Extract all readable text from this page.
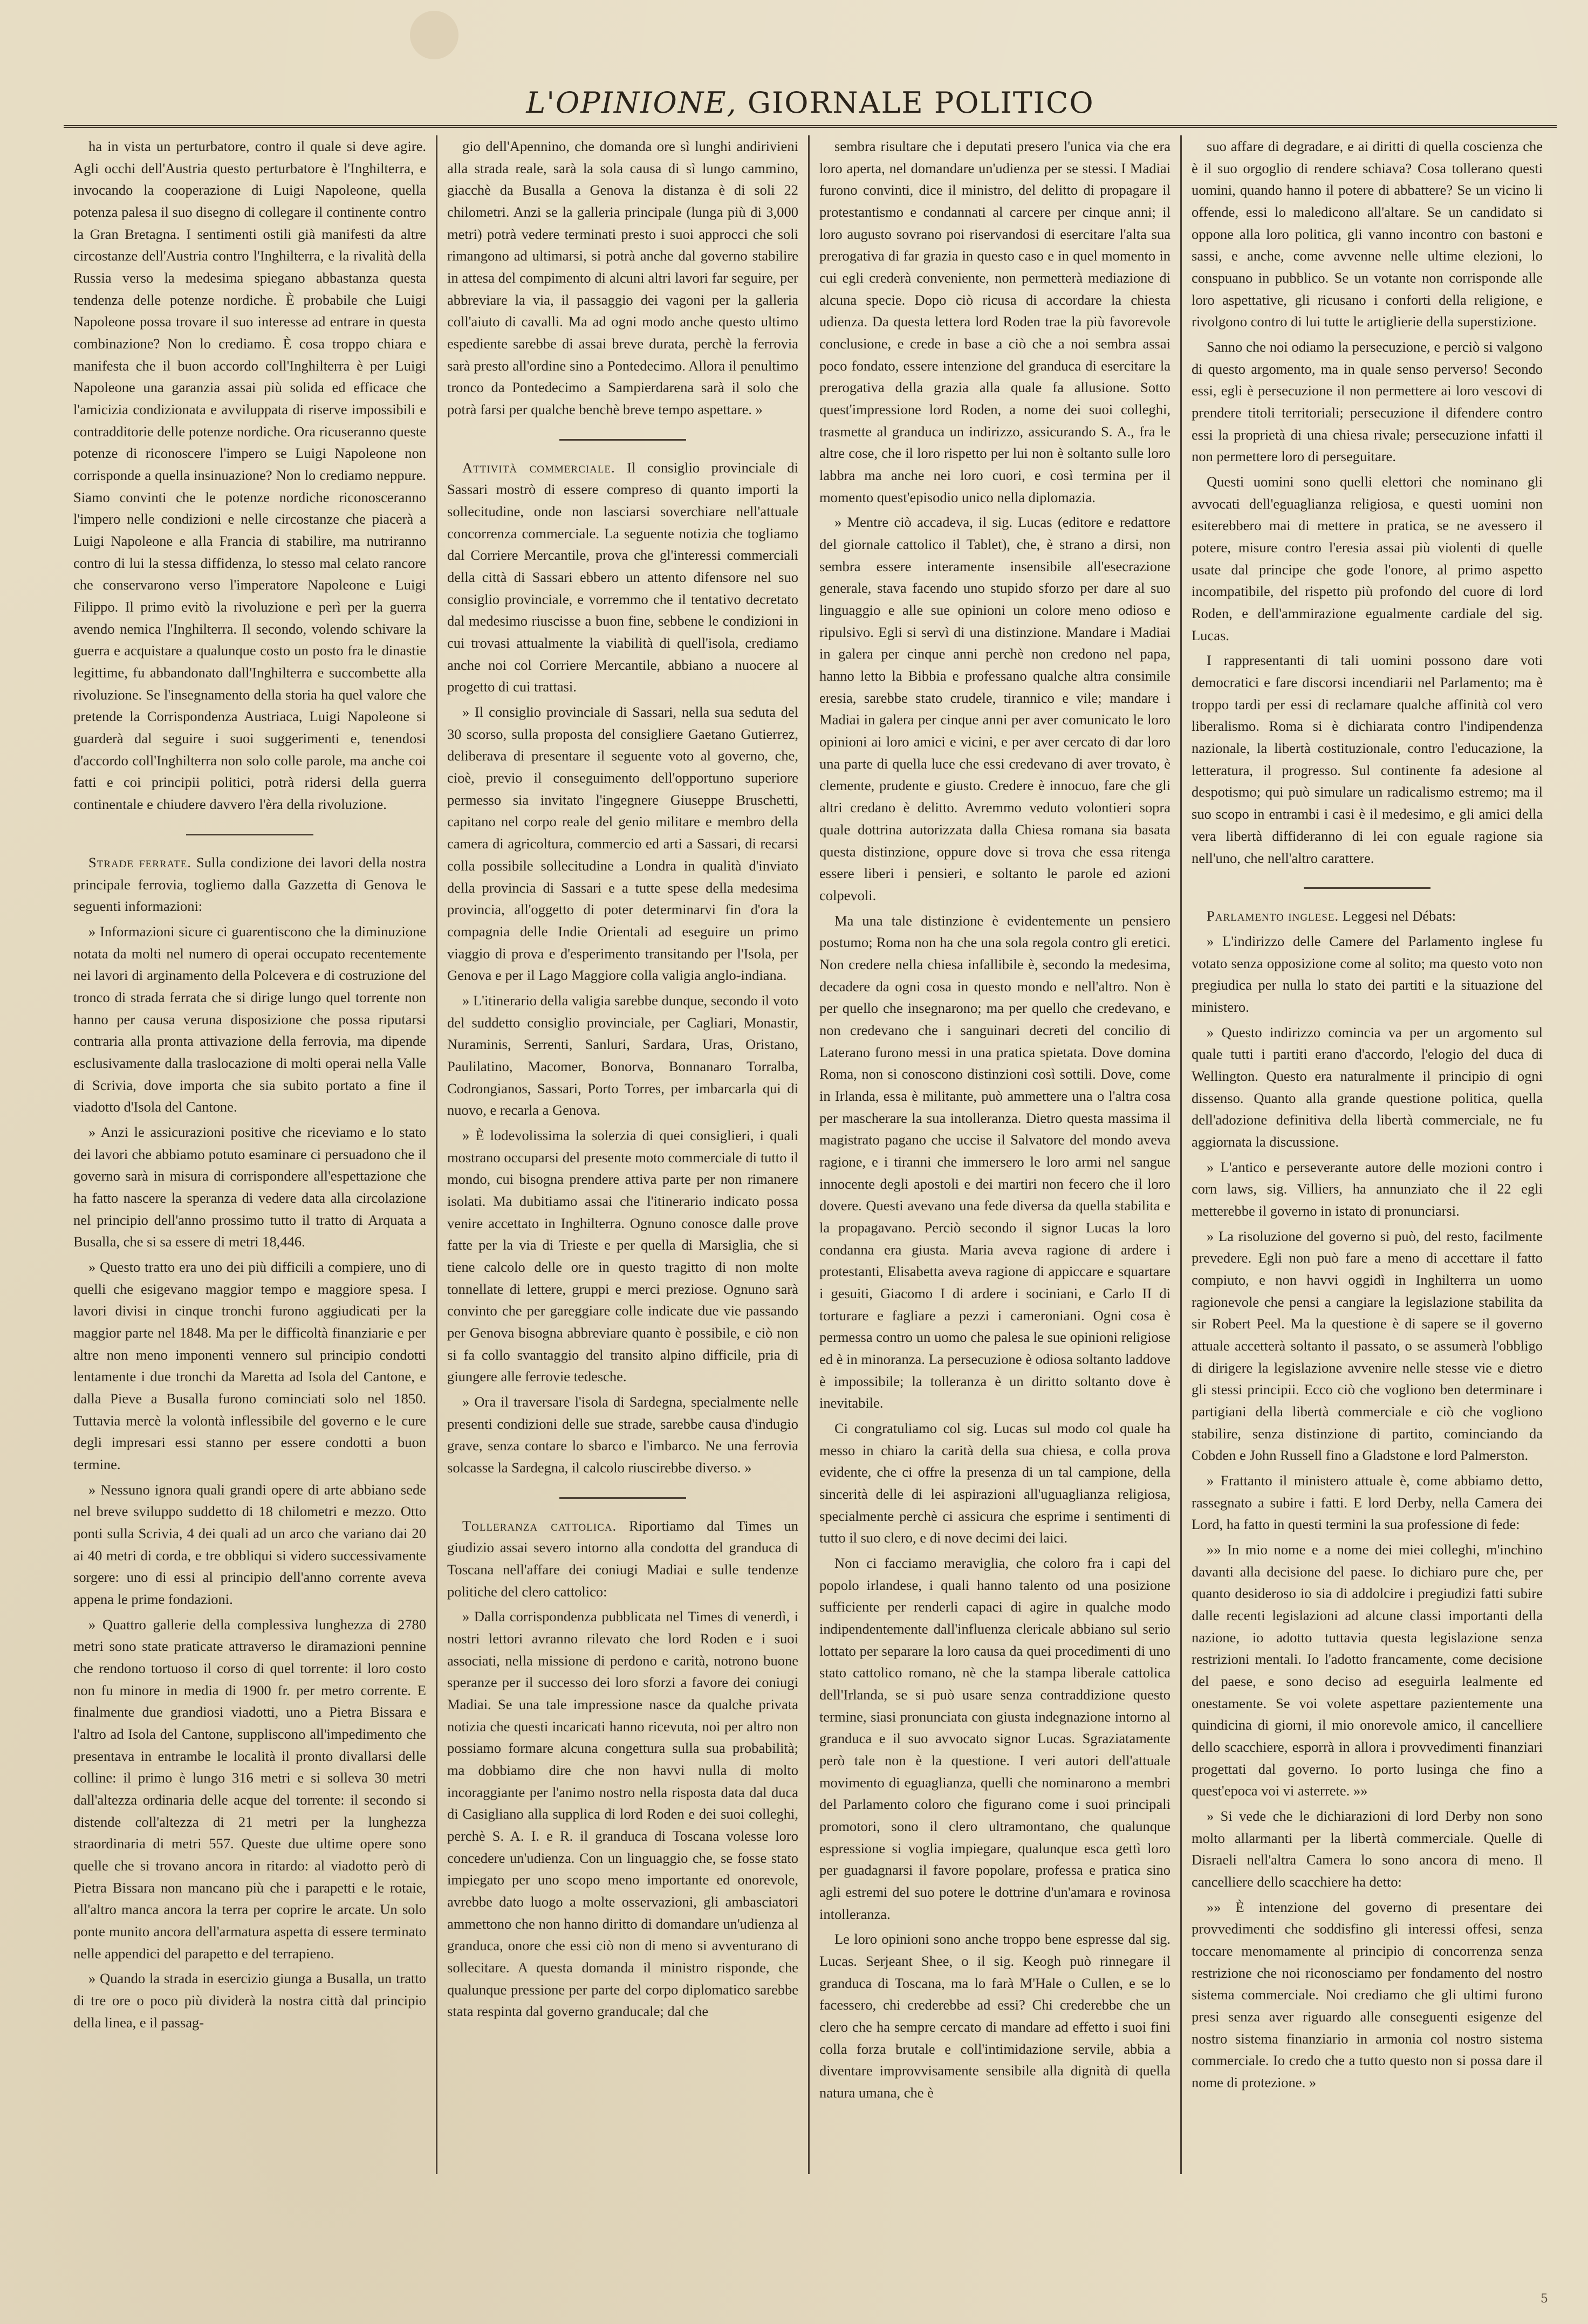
L'OPINIONE, GIORNALE POLITICO

ha in vista un perturbatore, contro il quale si deve agire. Agli occhi dell'Austria questo perturbatore è l'Inghilterra, e invocando la cooperazione di Luigi Napoleone, quella potenza palesa il suo disegno di collegare il continente contro la Gran Bretagna. I sentimenti ostili già manifesti da altre circostanze dell'Austria contro l'Inghilterra, e la rivalità della Russia verso la medesima spiegano abbastanza questa tendenza delle potenze nordiche. È probabile che Luigi Napoleone possa trovare il suo interesse ad entrare in questa combinazione? Non lo crediamo. È cosa troppo chiara e manifesta che il buon accordo coll'Inghilterra è per Luigi Napoleone una garanzia assai più solida ed efficace che l'amicizia condizionata e avviluppata di riserve impossibili e contradditorie delle potenze nordiche. Ora ricuseranno queste potenze di riconoscere l'impero se Luigi Napoleone non corrisponde a quella insinuazione? Non lo crediamo neppure. Siamo convinti che le potenze nordiche riconosceranno l'impero nelle condizioni e nelle circostanze che piacerà a Luigi Napoleone e alla Francia di stabilire, ma nutriranno contro di lui la stessa diffidenza, lo stesso mal celato rancore che conservarono verso l'imperatore Napoleone e Luigi Filippo. Il primo evitò la rivoluzione e perì per la guerra avendo nemica l'Inghilterra. Il secondo, volendo schivare la guerra e acquistare a qualunque costo un posto fra le dinastie legittime, fu abbandonato dall'Inghilterra e succombette alla rivoluzione. Se l'insegnamento della storia ha quel valore che pretende la Corrispondenza Austriaca, Luigi Napoleone si guarderà dal seguire i suoi suggerimenti e, tenendosi d'accordo coll'Inghilterra non solo colle parole, ma anche coi fatti e coi principii politici, potrà ridersi della guerra continentale e chiudere davvero l'èra della rivoluzione.

Strade ferrate. Sulla condizione dei lavori della nostra principale ferrovia, togliemo dalla Gazzetta di Genova le seguenti informazioni:

» Informazioni sicure ci guarentiscono che la diminuzione notata da molti nel numero di operai occupato recentemente nei lavori di arginamento della Polcevera e di costruzione del tronco di strada ferrata che si dirige lungo quel torrente non hanno per causa veruna disposizione che possa riputarsi contraria alla pronta attivazione della ferrovia, ma dipende esclusivamente dalla traslocazione di molti operai nella Valle di Scrivia, dove importa che sia subito portato a fine il viadotto d'Isola del Cantone.

» Anzi le assicurazioni positive che riceviamo e lo stato dei lavori che abbiamo potuto esaminare ci persuadono che il governo sarà in misura di corrispondere all'espettazione che ha fatto nascere la speranza di vedere data alla circolazione nel principio dell'anno prossimo tutto il tratto di Arquata a Busalla, che si sa essere di metri 18,446.

» Questo tratto era uno dei più difficili a compiere, uno di quelli che esigevano maggior tempo e maggiore spesa. I lavori divisi in cinque tronchi furono aggiudicati per la maggior parte nel 1848. Ma per le difficoltà finanziarie e per altre non meno imponenti vennero sul principio condotti lentamente i due tronchi da Maretta ad Isola del Cantone, e dalla Pieve a Busalla furono cominciati solo nel 1850. Tuttavia mercè la volontà inflessibile del governo e le cure degli impresari essi stanno per essere condotti a buon termine.

» Nessuno ignora quali grandi opere di arte abbiano sede nel breve sviluppo suddetto di 18 chilometri e mezzo. Otto ponti sulla Scrivia, 4 dei quali ad un arco che variano dai 20 ai 40 metri di corda, e tre obbliqui si videro successivamente sorgere: uno di essi al principio dell'anno corrente aveva appena le prime fondazioni.

» Quattro gallerie della complessiva lunghezza di 2780 metri sono state praticate attraverso le diramazioni pennine che rendono tortuoso il corso di quel torrente: il loro costo non fu minore in media di 1900 fr. per metro corrente. E finalmente due grandiosi viadotti, uno a Pietra Bissara e l'altro ad Isola del Cantone, suppliscono all'impedimento che presentava in entrambe le località il pronto divallarsi delle colline: il primo è lungo 316 metri e si solleva 30 metri dall'altezza ordinaria delle acque del torrente: il secondo si distende coll'altezza di 21 metri per la lunghezza straordinaria di metri 557. Queste due ultime opere sono quelle che si trovano ancora in ritardo: al viadotto però di Pietra Bissara non mancano più che i parapetti e le rotaie, all'altro manca ancora la terra per coprire le arcate. Un solo ponte munito ancora dell'armatura aspetta di essere terminato nelle appendici del parapetto e del terrapieno.

» Quando la strada in esercizio giunga a Busalla, un tratto di tre ore o poco più dividerà la nostra città dal principio della linea, e il passag-

gio dell'Apennino, che domanda ore sì lunghi andirivieni alla strada reale, sarà la sola causa di sì lungo cammino, giacchè da Busalla a Genova la distanza è di soli 22 chilometri. Anzi se la galleria principale (lunga più di 3,000 metri) potrà vedere terminati presto i suoi approcci che soli rimangono ad ultimarsi, si potrà anche dal governo stabilire in attesa del compimento di alcuni altri lavori far seguire, per abbreviare la via, il passaggio dei vagoni per la galleria coll'aiuto di cavalli. Ma ad ogni modo anche questo ultimo espediente sarebbe di assai breve durata, perchè la ferrovia sarà presto all'ordine sino a Pontedecimo. Allora il penultimo tronco da Pontedecimo a Sampierdarena sarà il solo che potrà farsi per qualche benchè breve tempo aspettare. »

Attività commerciale. Il consiglio provinciale di Sassari mostrò di essere compreso di quanto importi la sollecitudine, onde non lasciarsi soverchiare nell'attuale concorrenza commerciale. La seguente notizia che togliamo dal Corriere Mercantile, prova che gl'interessi commerciali della città di Sassari ebbero un attento difensore nel suo consiglio provinciale, e vorremmo che il tentativo decretato dal medesimo riuscisse a buon fine, sebbene le condizioni in cui trovasi attualmente la viabilità di quell'isola, crediamo anche noi col Corriere Mercantile, abbiano a nuocere al progetto di cui trattasi.

» Il consiglio provinciale di Sassari, nella sua seduta del 30 scorso, sulla proposta del consigliere Gaetano Gutierrez, deliberava di presentare il seguente voto al governo, che, cioè, previo il conseguimento dell'opportuno superiore permesso sia invitato l'ingegnere Giuseppe Bruschetti, capitano nel corpo reale del genio militare e membro della camera di agricoltura, commercio ed arti a Sassari, di recarsi colla possibile sollecitudine a Londra in qualità d'inviato della provincia di Sassari e a tutte spese della medesima provincia, all'oggetto di poter determinarvi fin d'ora la compagnia delle Indie Orientali ad eseguire un primo viaggio di prova e d'esperimento transitando per l'Isola, per Genova e per il Lago Maggiore colla valigia anglo-indiana.

» L'itinerario della valigia sarebbe dunque, secondo il voto del suddetto consiglio provinciale, per Cagliari, Monastir, Nuraminis, Serrenti, Sanluri, Sardara, Uras, Oristano, Paulilatino, Macomer, Bonorva, Bonnanaro Torralba, Codrongianos, Sassari, Porto Torres, per imbarcarla qui di nuovo, e recarla a Genova.

» È lodevolissima la solerzia di quei consiglieri, i quali mostrano occuparsi del presente moto commerciale di tutto il mondo, cui bisogna prendere attiva parte per non rimanere isolati. Ma dubitiamo assai che l'itinerario indicato possa venire accettato in Inghilterra. Ognuno conosce dalle prove fatte per la via di Trieste e per quella di Marsiglia, che si tiene calcolo delle ore in questo tragitto di non molte tonnellate di lettere, gruppi e merci preziose. Ognuno sarà convinto che per gareggiare colle indicate due vie passando per Genova bisogna abbreviare quanto è possibile, e ciò non si fa collo svantaggio del transito alpino difficile, pria di giungere alle ferrovie tedesche.

» Ora il traversare l'isola di Sardegna, specialmente nelle presenti condizioni delle sue strade, sarebbe causa d'indugio grave, senza contare lo sbarco e l'imbarco. Ne una ferrovia solcasse la Sardegna, il calcolo riuscirebbe diverso. »

Tolleranza cattolica. Riportiamo dal Times un giudizio assai severo intorno alla condotta del granduca di Toscana nell'affare dei coniugi Madiai e sulle tendenze politiche del clero cattolico:

» Dalla corrispondenza pubblicata nel Times di venerdì, i nostri lettori avranno rilevato che lord Roden e i suoi associati, nella missione di perdono e carità, notrono buone speranze per il successo dei loro sforzi a favore dei coniugi Madiai. Se una tale impressione nasce da qualche privata notizia che questi incaricati hanno ricevuta, noi per altro non possiamo formare alcuna congettura sulla sua probabilità; ma dobbiamo dire che non havvi nulla di molto incoraggiante per l'animo nostro nella risposta data dal duca di Casigliano alla supplica di lord Roden e dei suoi colleghi, perchè S. A. I. e R. il granduca di Toscana volesse loro concedere un'udienza. Con un linguaggio che, se fosse stato impiegato per uno scopo meno importante ed onorevole, avrebbe dato luogo a molte osservazioni, gli ambasciatori ammettono che non hanno diritto di domandare un'udienza al granduca, onore che essi ciò non di meno si avventurano di sollecitare. A questa domanda il ministro risponde, che qualunque pressione per parte del corpo diplomatico sarebbe stata respinta dal governo granducale; dal che

sembra risultare che i deputati presero l'unica via che era loro aperta, nel domandare un'udienza per se stessi. I Madiai furono convinti, dice il ministro, del delitto di propagare il protestantismo e condannati al carcere per cinque anni; il loro augusto sovrano poi riservandosi di esercitare l'alta sua prerogativa di far grazia in questo caso e in quel momento in cui egli crederà conveniente, non permetterà mediazione di alcuna specie. Dopo ciò ricusa di accordare la chiesta udienza. Da questa lettera lord Roden trae la più favorevole conclusione, e crede in base a ciò che a noi sembra assai poco fondato, essere intenzione del granduca di esercitare la prerogativa della grazia alla quale fa allusione. Sotto quest'impressione lord Roden, a nome dei suoi colleghi, trasmette al granduca un indirizzo, assicurando S. A., fra le altre cose, che il loro rispetto per lui non è soltanto sulle loro labbra ma anche nei loro cuori, e così termina per il momento quest'episodio unico nella diplomazia.

» Mentre ciò accadeva, il sig. Lucas (editore e redattore del giornale cattolico il Tablet), che, è strano a dirsi, non sembra essere interamente insensibile all'esecrazione generale, stava facendo uno stupido sforzo per dare al suo linguaggio e alle sue opinioni un colore meno odioso e ripulsivo. Egli si servì di una distinzione. Mandare i Madiai in galera per cinque anni perchè non credono nel papa, hanno letto la Bibbia e professano qualche altra consimile eresia, sarebbe stato crudele, tirannico e vile; mandare i Madiai in galera per cinque anni per aver comunicato le loro opinioni ai loro amici e vicini, e per aver cercato di dar loro una parte di quella luce che essi credevano di aver trovato, è clemente, prudente e giusto. Credere è innocuo, fare che gli altri credano è delitto. Avremmo veduto volontieri sopra quale dottrina autorizzata dalla Chiesa romana sia basata questa distinzione, oppure dove si trova che essa ritenga essere liberi i pensieri, e soltanto le parole ed azioni colpevoli.

Ma una tale distinzione è evidentemente un pensiero postumo; Roma non ha che una sola regola contro gli eretici. Non credere nella chiesa infallibile è, secondo la medesima, decadere da ogni cosa in questo mondo e nell'altro. Non è per quello che insegnarono; ma per quello che credevano, e non credevano che i sanguinari decreti del concilio di Laterano furono messi in una pratica spietata. Dove domina Roma, non si conoscono distinzioni così sottili. Dove, come in Irlanda, essa è militante, può ammettere una o l'altra cosa per mascherare la sua intolleranza. Dietro questa massima il magistrato pagano che uccise il Salvatore del mondo aveva ragione, e i tiranni che immersero le loro armi nel sangue innocente degli apostoli e dei martiri non fecero che il loro dovere. Questi avevano una fede diversa da quella stabilita e la propagavano. Perciò secondo il signor Lucas la loro condanna era giusta. Maria aveva ragione di ardere i protestanti, Elisabetta aveva ragione di appiccare e squartare i gesuiti, Giacomo I di ardere i sociniani, e Carlo II di torturare e fagliare a pezzi i cameroniani. Ogni cosa è permessa contro un uomo che palesa le sue opinioni religiose ed è in minoranza. La persecuzione è odiosa soltanto laddove è impossibile; la tolleranza è un diritto soltanto dove è inevitabile.

Ci congratuliamo col sig. Lucas sul modo col quale ha messo in chiaro la carità della sua chiesa, e colla prova evidente, che ci offre la presenza di un tal campione, della sincerità delle di lei aspirazioni all'uguaglianza religiosa, specialmente perchè ci assicura che esprime i sentimenti di tutto il suo clero, e di nove decimi dei laici.

Non ci facciamo meraviglia, che coloro fra i capi del popolo irlandese, i quali hanno talento od una posizione sufficiente per renderli capaci di agire in qualche modo indipendentemente dall'influenza clericale abbiano sul serio lottato per separare la loro causa da quei procedimenti di uno stato cattolico romano, nè che la stampa liberale cattolica dell'Irlanda, se si può usare senza contraddizione questo termine, siasi pronunciata con giusta indegnazione intorno al granduca e il suo avvocato signor Lucas. Sgraziatamente però tale non è la questione. I veri autori dell'attuale movimento di eguaglianza, quelli che nominarono a membri del Parlamento coloro che figurano come i suoi principali promotori, sono il clero ultramontano, che qualunque espressione si voglia impiegare, qualunque esca gettì loro per guadagnarsi il favore popolare, professa e pratica sino agli estremi del suo potere le dottrine d'un'amara e rovinosa intolleranza.

Le loro opinioni sono anche troppo bene espresse dal sig. Lucas. Serjeant Shee, o il sig. Keogh può rinnegare il granduca di Toscana, ma lo farà M'Hale o Cullen, e se lo facessero, chi crederebbe ad essi? Chi crederebbe che un clero che ha sempre cercato di mandare ad effetto i suoi fini colla forza brutale e coll'intimidazione servile, abbia a diventare improvvisamente sensibile alla dignità di quella natura umana, che è

suo affare di degradare, e ai diritti di quella coscienza che è il suo orgoglio di rendere schiava? Cosa tollerano questi uomini, quando hanno il potere di abbattere? Se un vicino li offende, essi lo maledicono all'altare. Se un candidato si oppone alla loro politica, gli vanno incontro con bastoni e sassi, e anche, come avvenne nelle ultime elezioni, lo conspuano in pubblico. Se un votante non corrisponde alle loro aspettative, gli ricusano i conforti della religione, e rivolgono contro di lui tutte le artiglierie della superstizione.

Sanno che noi odiamo la persecuzione, e perciò si valgono di questo argomento, ma in quale senso perverso! Secondo essi, egli è persecuzione il non permettere ai loro vescovi di prendere titoli territoriali; persecuzione il difendere contro essi la proprietà di una chiesa rivale; persecuzione infatti il non permettere loro di perseguitare.

Questi uomini sono quelli elettori che nominano gli avvocati dell'eguaglianza religiosa, e questi uomini non esiterebbero mai di mettere in pratica, se ne avessero il potere, misure contro l'eresia assai più violenti di quelle usate dal principe che gode l'onore, al primo aspetto incompatibile, del rispetto più profondo del cuore di lord Roden, e dell'ammirazione egualmente cardiale del sig. Lucas.

I rappresentanti di tali uomini possono dare voti democratici e fare discorsi incendiarii nel Parlamento; ma è troppo tardi per essi di reclamare qualche affinità col vero liberalismo. Roma si è dichiarata contro l'indipendenza nazionale, la libertà costituzionale, contro l'educazione, la letteratura, il progresso. Sul continente fa adesione al despotismo; qui può simulare un radicalismo estremo; ma il suo scopo in entrambi i casi è il medesimo, e gli amici della vera libertà diffideranno di lei con eguale ragione sia nell'uno, che nell'altro carattere.

Parlamento inglese. Leggesi nel Débats:

» L'indirizzo delle Camere del Parlamento inglese fu votato senza opposizione come al solito; ma questo voto non pregiudica per nulla lo stato dei partiti e la situazione del ministero.

» Questo indirizzo comincia va per un argomento sul quale tutti i partiti erano d'accordo, l'elogio del duca di Wellington. Questo era naturalmente il principio di ogni dissenso. Quanto alla grande questione politica, quella dell'adozione definitiva della libertà commerciale, ne fu aggiornata la discussione.

» L'antico e perseverante autore delle mozioni contro i corn laws, sig. Villiers, ha annunziato che il 22 egli metterebbe il governo in istato di pronunciarsi.

» La risoluzione del governo si può, del resto, facilmente prevedere. Egli non può fare a meno di accettare il fatto compiuto, e non havvi oggidì in Inghilterra un uomo ragionevole che pensi a cangiare la legislazione stabilita da sir Robert Peel. Ma la questione è di sapere se il governo attuale accetterà soltanto il passato, o se assumerà l'obbligo di dirigere la legislazione avvenire nelle stesse vie e dietro gli stessi principii. Ecco ciò che vogliono ben determinare i partigiani della libertà commerciale e ciò che vogliono stabilire, senza distinzione di partito, cominciando da Cobden e John Russell fino a Gladstone e lord Palmerston.

» Frattanto il ministero attuale è, come abbiamo detto, rassegnato a subire i fatti. E lord Derby, nella Camera dei Lord, ha fatto in questi termini la sua professione di fede:

»» In mio nome e a nome dei miei colleghi, m'inchino davanti alla decisione del paese. Io dichiaro pure che, per quanto desideroso io sia di addolcire i pregiudizi fatti subire dalle recenti legislazioni ad alcune classi importanti della nazione, io adotto tuttavia questa legislazione senza restrizioni mentali. Io l'adotto francamente, come decisione del paese, e sono deciso ad eseguirla lealmente ed onestamente. Se voi volete aspettare pazientemente una quindicina di giorni, il mio onorevole amico, il cancelliere dello scacchiere, esporrà in allora i provvedimenti finanziari progettati dal governo. Io porto lusinga che fino a quest'epoca voi vi asterrete. »»

» Si vede che le dichiarazioni di lord Derby non sono molto allarmanti per la libertà commerciale. Quelle di Disraeli nell'altra Camera lo sono ancora di meno. Il cancelliere dello scacchiere ha detto:

»» È intenzione del governo di presentare dei provvedimenti che soddisfino gli interessi offesi, senza toccare menomamente al principio di concorrenza senza restrizione che noi riconosciamo per fondamento del nostro sistema commerciale. Noi crediamo che gli ultimi furono presi senza aver riguardo alle conseguenti esigenze del nostro sistema finanziario in armonia col nostro sistema commerciale. Io credo che a tutto questo non si possa dare il nome di protezione. »

5
